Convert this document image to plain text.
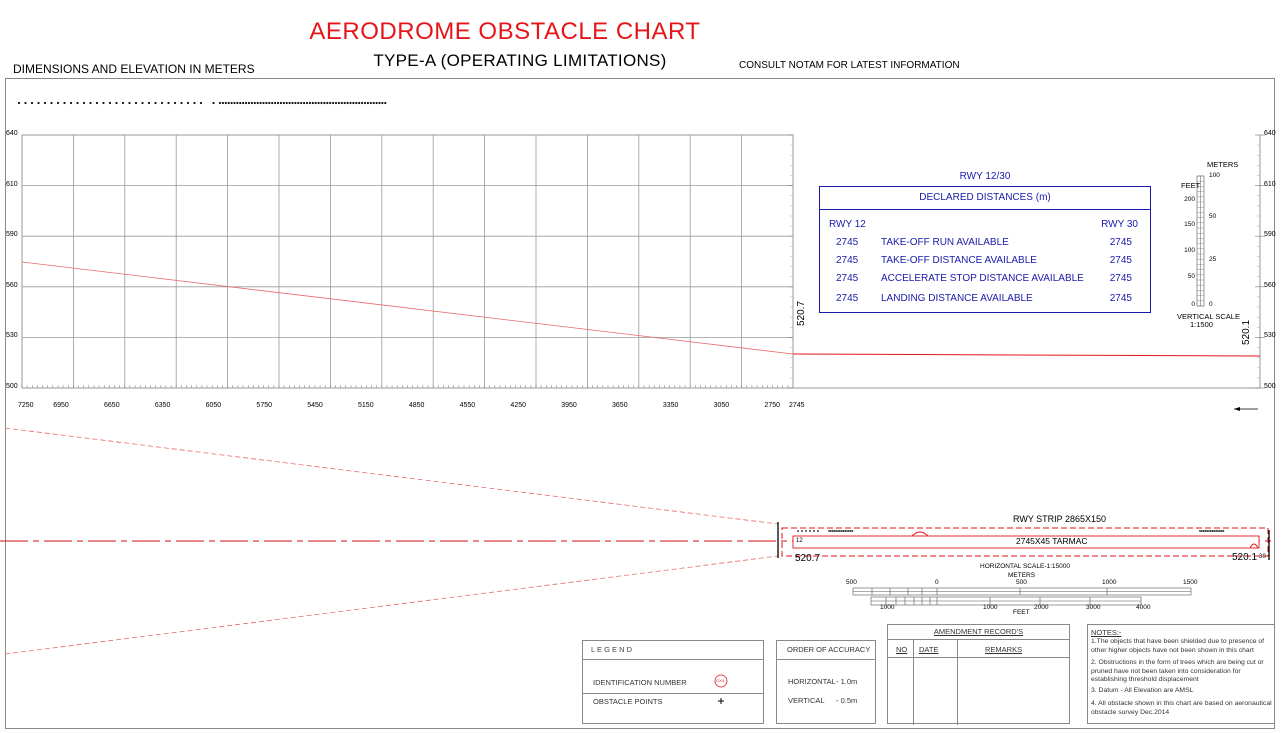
AERODROME OBSTACLE CHART
TYPE-A (OPERATING LIMITATIONS)
DIMENSIONS AND ELEVATION IN METERS	CONSULT NOTAM FOR LATEST INFORMATION
640
610
590
560
530
500
640
610
590
560
530
500
7250	6950	6650	6350	6050	5750	5450	5150	4850	4550	4250	3950	3650	3350	3050	2750 2745
520.7
520.1
RWY 12/30
DECLARED DISTANCES (m)
RWY 12	RWY 30
2745 TAKE-OFF RUN AVAILABLE	2745
2745 TAKE-OFF DISTANCE AVAILABLE	2745
2745 ACCELERATE STOP DISTANCE AVAILABLE	2745
2745 LANDING DISTANCE AVAILABLE	2745
METERS
FEET
100
50
25
0
200
150
100
50
0
VERTICAL SCALE
1:1500
RWY STRIP 2865X150
2745X45 TARMAC
520.7	520.1
12
30
HORIZONTAL SCALE-1:15000
METERS
500	0	500	1000	1500
1000	1000	2000	3000	4000
FEET
L E G E N D
IDENTIFICATION NUMBER
OBSTACLE POINTS
OXX
ORDER OF ACCURACY
HORIZONTAL - 1.0m
VERTICAL - 0.5m
AMENDMENT RECORD'S
NO DATE	REMARKS
NOTES:-
1.The objects that have been shielded due to presence of other higher objects have not been shown in this chart
2. Obstructions in the form of trees which are being cut or pruned have not been taken into consideration for establishing threshold displacement
3. Datum - All Elevation are AMSL
4. All obstacle shown in this chart are based on aeronautical obstacle survey Dec.2014
